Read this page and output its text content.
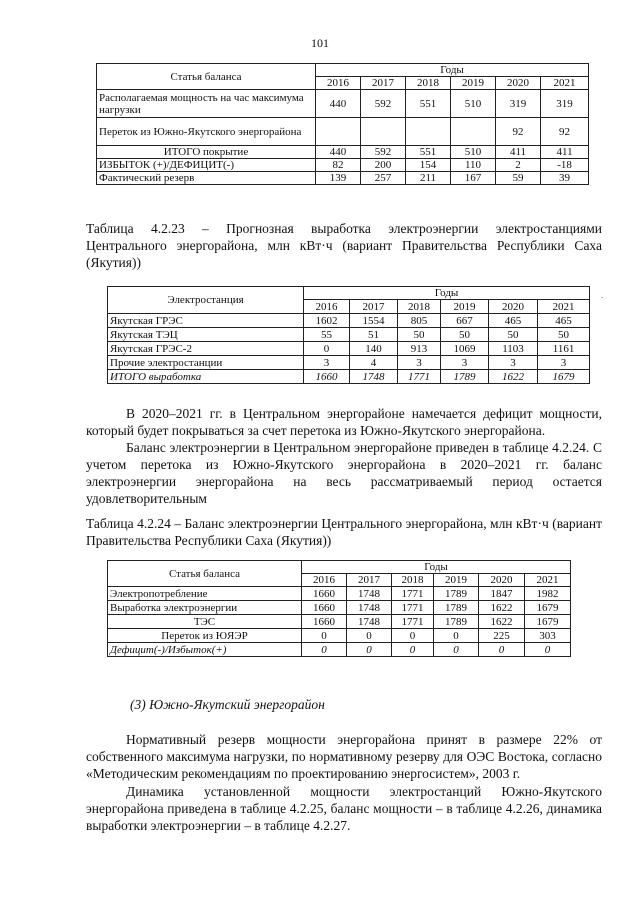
101
Статья баланса	Годы					
	2016	2017	2018	2019	2020	2021
Располагаемая мощность на час максимума нагрузки	440	592	551	510	319	319
Переток из Южно-Якутского энергорайона					92	92
ИТОГО покрытие	440	592	551	510	411	411
ИЗБЫТОК (+)/ДЕФИЦИТ(-)	82	200	154	110	2	-18
Фактический резерв	139	257	211	167	59	39
Таблица 4.2.23 – Прогнозная выработка электроэнергии электростанциями Центрального энергорайона, млн кВт·ч (вариант Правительства Республики Саха (Якутия))
Электростанция	Годы					
	2016	2017	2018	2019	2020	2021
Якутская ГРЭС	1602	1554	805	667	465	465
Якутская ТЭЦ	55	51	50	50	50	50
Якутская ГРЭС-2	0	140	913	1069	1103	1161
Прочие электростанции	3	4	3	3	3	3
ИТОГО выработка	1660	1748	1771	1789	1622	1679
.
В 2020–2021 гг. в Центральном энергорайоне намечается дефицит мощности, который будет покрываться за счет перетока из Южно-Якутского энергорайона.
Баланс электроэнергии в Центральном энергорайоне приведен в таблице 4.2.24. С учетом перетока из Южно-Якутского энергорайона в 2020–2021 гг. баланс электроэнергии энергорайона на весь рассматриваемый период остается удовлетворительным
Таблица 4.2.24 – Баланс электроэнергии Центрального энергорайона, млн кВт·ч (вариант Правительства Республики Саха (Якутия))
Статья баланса	Годы					
	2016	2017	2018	2019	2020	2021
Электропотребление	1660	1748	1771	1789	1847	1982
Выработка электроэнергии	1660	1748	1771	1789	1622	1679
ТЭС	1660	1748	1771	1789	1622	1679
Переток из ЮЯЭР	0	0	0	0	225	303
Дефицит(-)/Избыток(+)	0	0	0	0	0	0
(3) Южно-Якутский энергорайон
Нормативный резерв мощности энергорайона принят в размере 22% от собственного максимума нагрузки, по нормативному резерву для ОЭС Востока, согласно «Методическим рекомендациям по проектированию энергосистем», 2003 г.
Динамика установленной мощности электростанций Южно-Якутского энергорайона приведена в таблице 4.2.25, баланс мощности – в таблице 4.2.26, динамика выработки электроэнергии – в таблице 4.2.27.
